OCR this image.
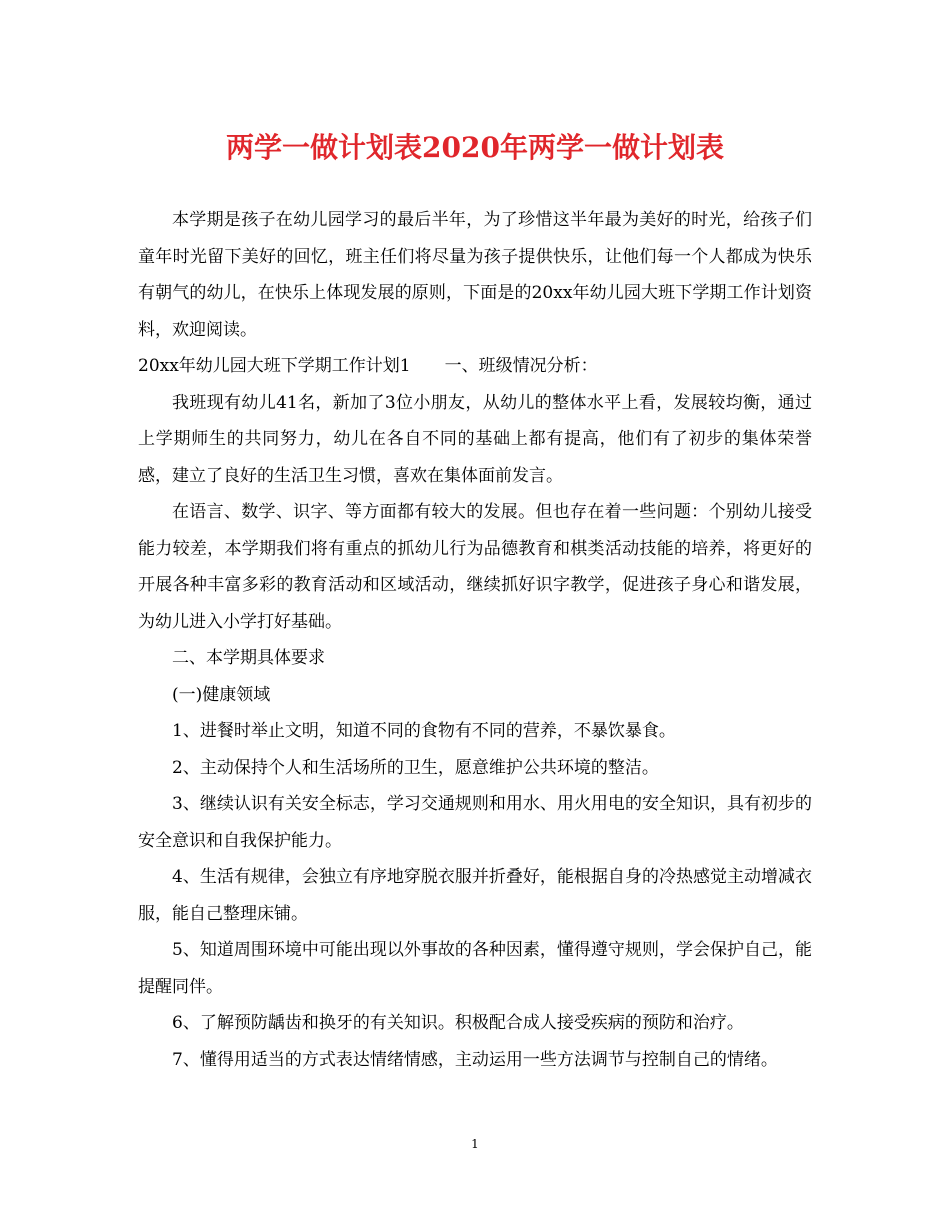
两学一做计划表2020年两学一做计划表

本学期是孩子在幼儿园学习的最后半年，为了珍惜这半年最为美好的时光，给孩子们童年时光留下美好的回忆，班主任们将尽量为孩子提供快乐，让他们每一个人都成为快乐有朝气的幼儿，在快乐上体现发展的原则，下面是的20xx年幼儿园大班下学期工作计划资料，欢迎阅读。

20xx年幼儿园大班下学期工作计划1 一、班级情况分析：

我班现有幼儿41名，新加了3位小朋友，从幼儿的整体水平上看，发展较均衡，通过上学期师生的共同努力，幼儿在各自不同的基础上都有提高，他们有了初步的集体荣誉感，建立了良好的生活卫生习惯，喜欢在集体面前发言。

在语言、数学、识字、等方面都有较大的发展。但也存在着一些问题：个别幼儿接受能力较差，本学期我们将有重点的抓幼儿行为品德教育和棋类活动技能的培养，将更好的开展各种丰富多彩的教育活动和区域活动，继续抓好识字教学，促进孩子身心和谐发展，为幼儿进入小学打好基础。

二、本学期具体要求

(一)健康领域

1、进餐时举止文明，知道不同的食物有不同的营养，不暴饮暴食。

2、主动保持个人和生活场所的卫生，愿意维护公共环境的整洁。

3、继续认识有关安全标志，学习交通规则和用水、用火用电的安全知识，具有初步的安全意识和自我保护能力。

4、生活有规律，会独立有序地穿脱衣服并折叠好，能根据自身的冷热感觉主动增减衣服，能自己整理床铺。

5、知道周围环境中可能出现以外事故的各种因素，懂得遵守规则，学会保护自己，能提醒同伴。

6、了解预防龋齿和换牙的有关知识。积极配合成人接受疾病的预防和治疗。

7、懂得用适当的方式表达情绪情感，主动运用一些方法调节与控制自己的情绪。

1
